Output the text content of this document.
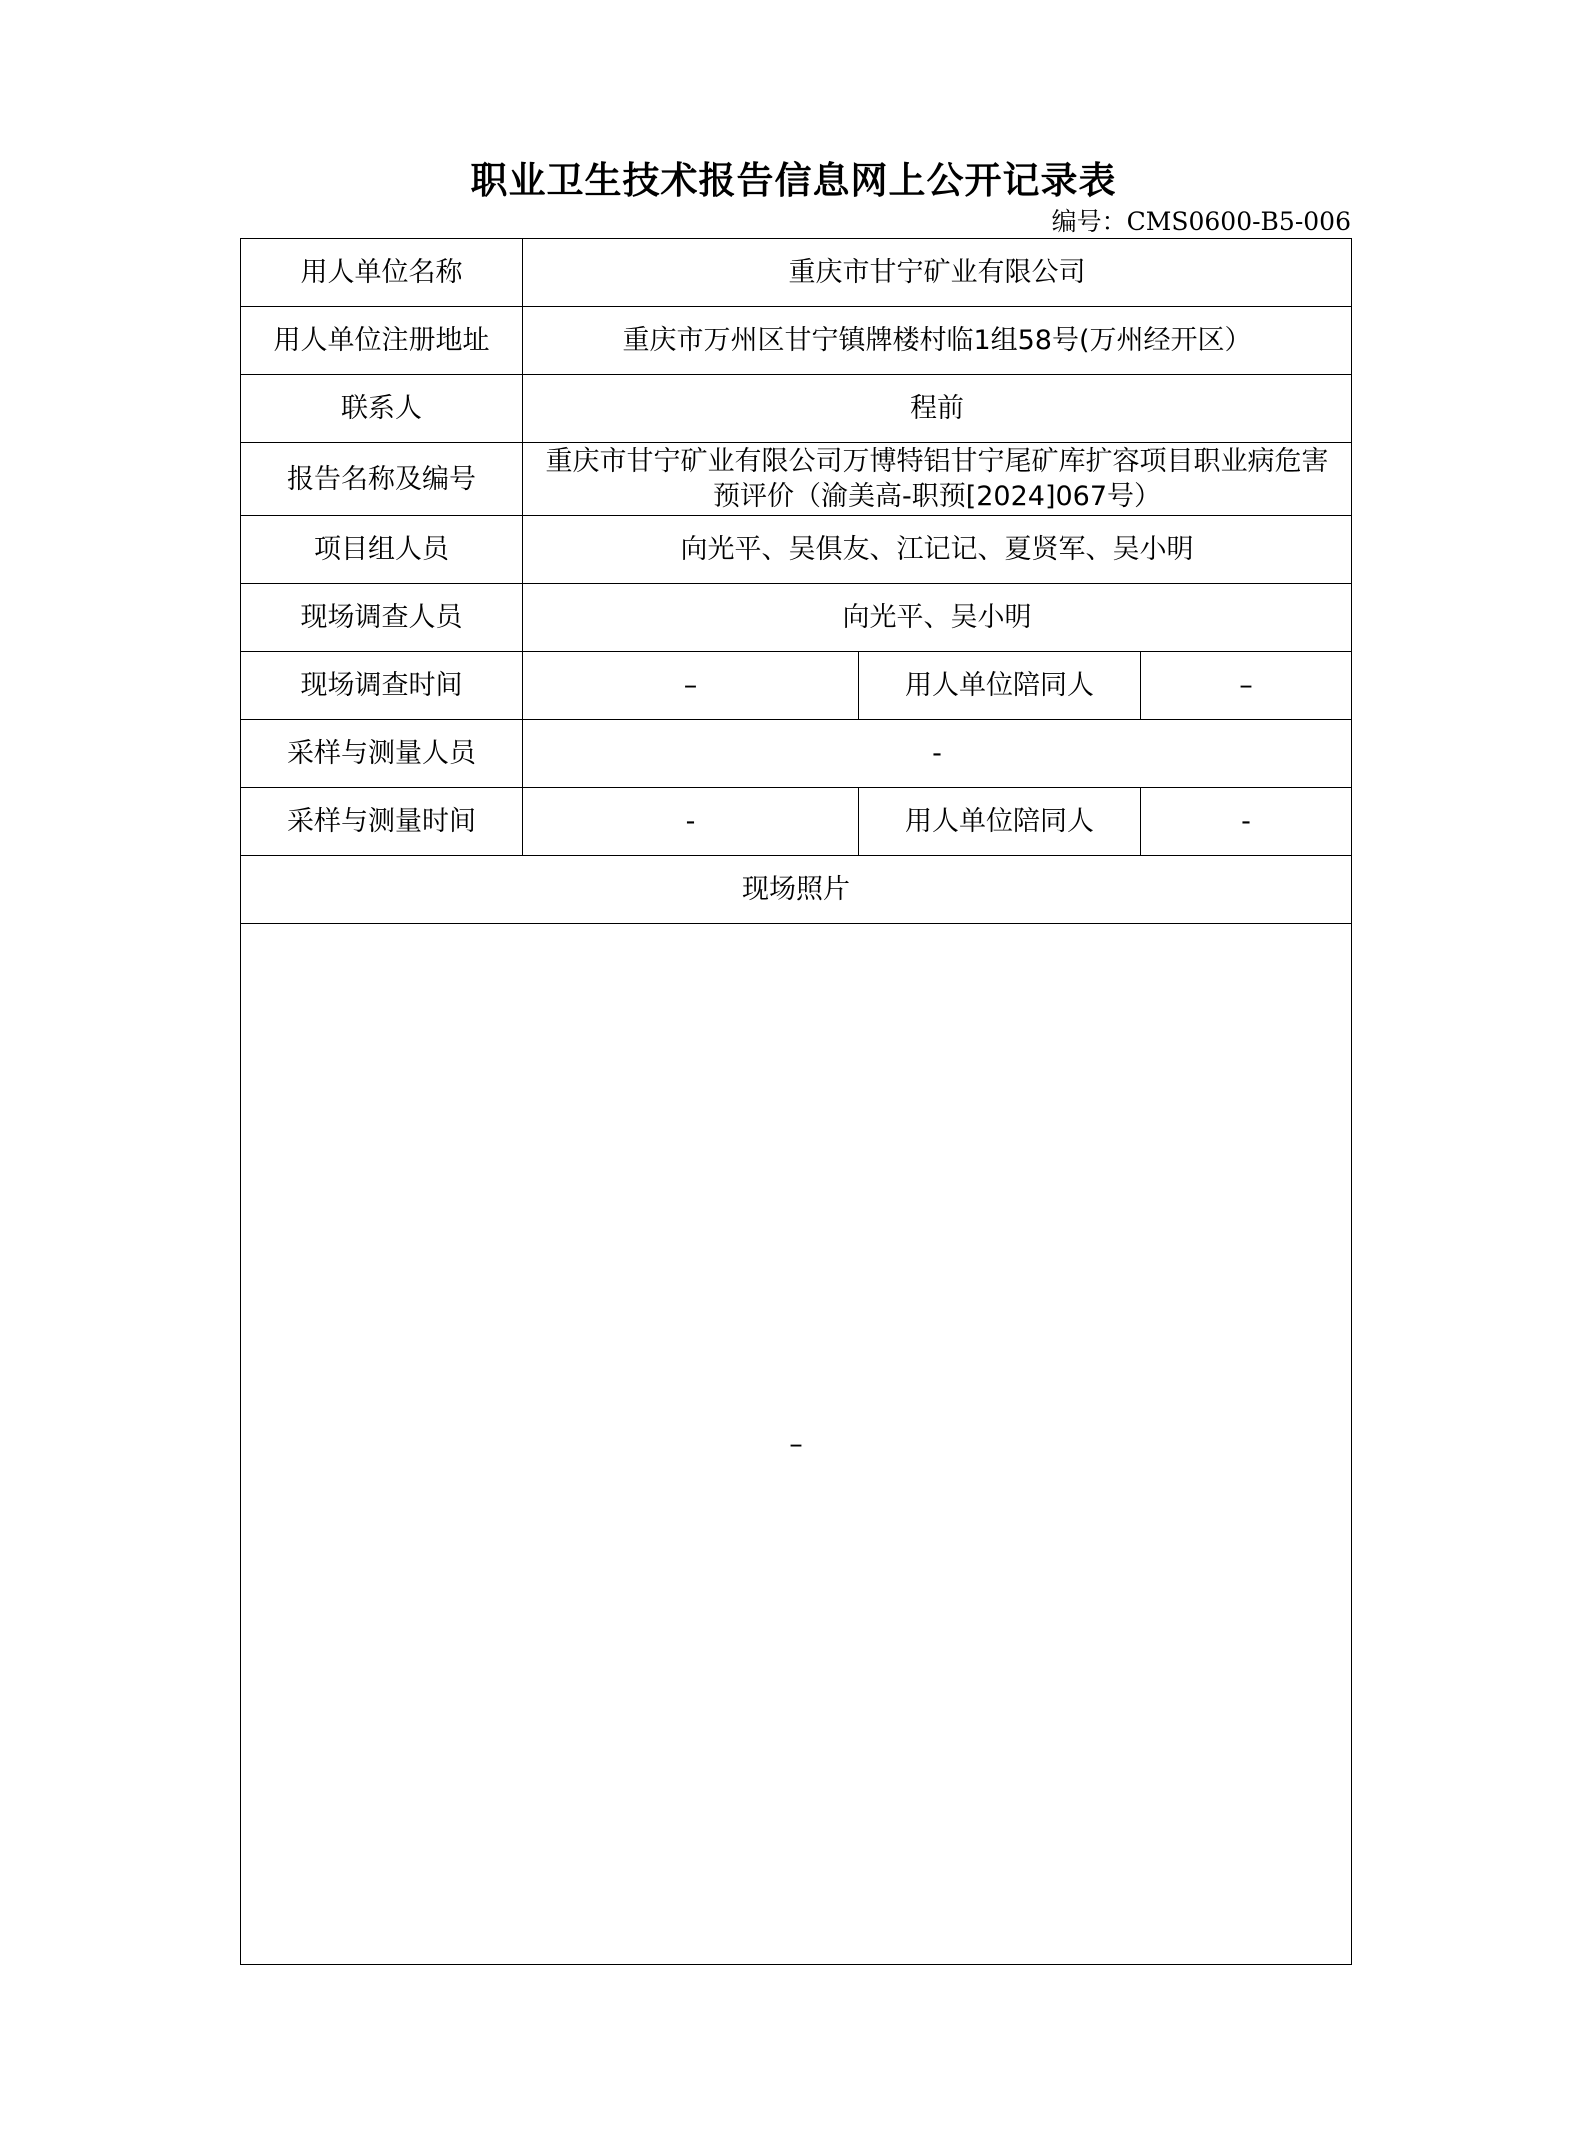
职业卫生技术报告信息网上公开记录表
编号：CMS0600-B5-006
用人单位名称	重庆市甘宁矿业有限公司		
用人单位注册地址	重庆市万州区甘宁镇牌楼村临1组58号(万州经开区）		
联系人	程前		
报告名称及编号	重庆市甘宁矿业有限公司万博特铝甘宁尾矿库扩容项目职业病危害
预评价（渝美高-职预[2024]067号）		

项目组人员	向光平、吴俱友、江记记、夏贤军、吴小明		
现场调查人员	向光平、吴小明		
现场调查时间	–	用人单位陪同人	–
采样与测量人员	-		
采样与测量时间	-	用人单位陪同人	-
现场照片			
–			
